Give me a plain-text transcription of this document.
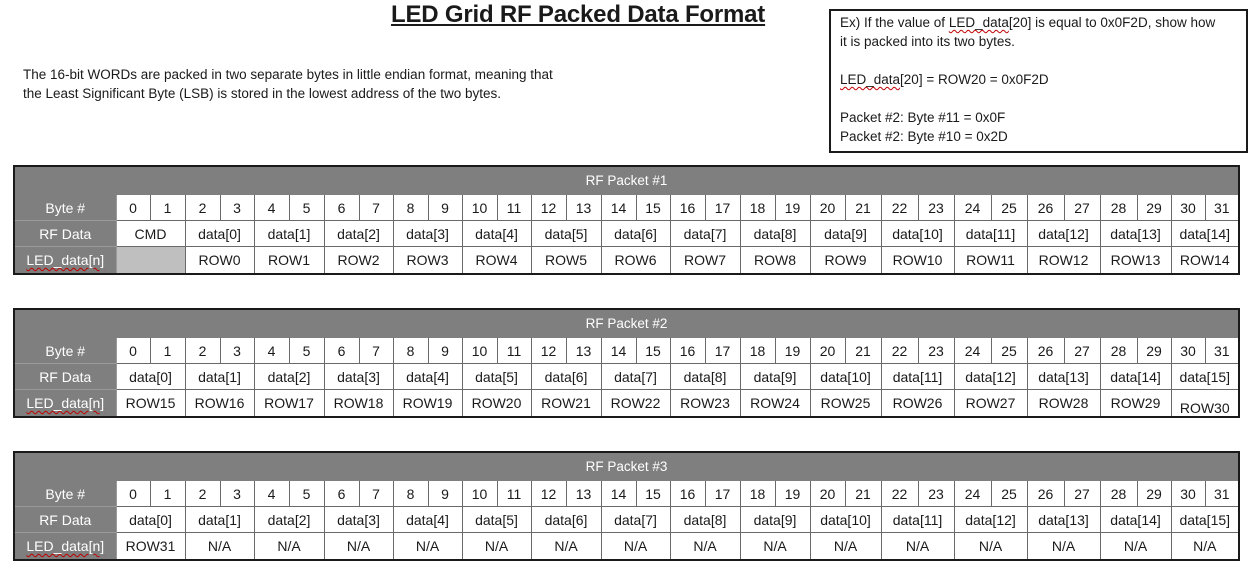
LED Grid RF Packed Data Format
The 16-bit WORDs are packed in two separate bytes in little endian format, meaning that
the Least Significant Byte (LSB) is stored in the lowest address of the two bytes.
Ex) If the value of LED_data[20] is equal to 0x0F2D, show how
it is packed into its two bytes.
LED_data[20] = ROW20 = 0x0F2D
Packet #2: Byte #11 = 0x0F
Packet #2: Byte #10 = 0x2D
RF Packet #1																																
Byte #	0	1	2	3	4	5	6	7	8	9	10	11	12	13	14	15	16	17	18	19	20	21	22	23	24	25	26	27	28	29	30	31
RF Data	CMD		data[0]		data[1]		data[2]		data[3]		data[4]		data[5]		data[6]		data[7]		data[8]		data[9]		data[10]		data[11]		data[12]		data[13]		data[14]	
LED_data[n]			ROW0		ROW1		ROW2		ROW3		ROW4		ROW5		ROW6		ROW7		ROW8		ROW9		ROW10		ROW11		ROW12		ROW13		ROW14	
RF Packet #2																																
Byte #	0	1	2	3	4	5	6	7	8	9	10	11	12	13	14	15	16	17	18	19	20	21	22	23	24	25	26	27	28	29	30	31
RF Data	data[0]		data[1]		data[2]		data[3]		data[4]		data[5]		data[6]		data[7]		data[8]		data[9]		data[10]		data[11]		data[12]		data[13]		data[14]		data[15]	
LED_data[n]	ROW15		ROW16		ROW17		ROW18		ROW19		ROW20		ROW21		ROW22		ROW23		ROW24		ROW25		ROW26		ROW27		ROW28		ROW29		ROW30	
RF Packet #3																																
Byte #	0	1	2	3	4	5	6	7	8	9	10	11	12	13	14	15	16	17	18	19	20	21	22	23	24	25	26	27	28	29	30	31
RF Data	data[0]		data[1]		data[2]		data[3]		data[4]		data[5]		data[6]		data[7]		data[8]		data[9]		data[10]		data[11]		data[12]		data[13]		data[14]		data[15]	
LED_data[n]	ROW31		N/A		N/A		N/A		N/A		N/A		N/A		N/A		N/A		N/A		N/A		N/A		N/A		N/A		N/A		N/A	
